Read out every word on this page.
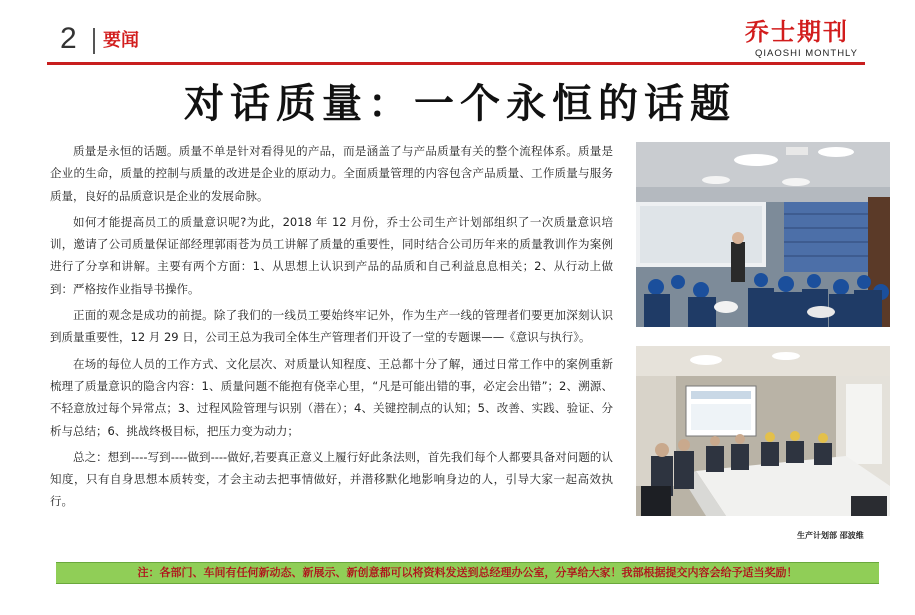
2 要闻	乔士期刊
QIAOSHI MONTHLY
对话质量：一个永恒的话题

质量是永恒的话题。质量不单是针对看得见的产品，而是涵盖了与产品质量有关的整个流程体系。质量是企业的生命，质量的控制与质量的改进是企业的原动力。全面质量管理的内容包含产品质量、工作质量与服务质量，良好的品质意识是企业的发展命脉。

如何才能提高员工的质量意识呢?为此，2018 年 12 月份，乔士公司生产计划部组织了一次质量意识培训，邀请了公司质量保证部经理郭雨苍为员工讲解了质量的重要性，同时结合公司历年来的质量教训作为案例进行了分享和讲解。主要有两个方面：1、从思想上认识到产品的品质和自己利益息息相关；2、从行动上做到：严格按作业指导书操作。

正面的观念是成功的前提。除了我们的一线员工要始终牢记外，作为生产一线的管理者们要更加深刻认识到质量重要性，12 月 29 日，公司王总为我司全体生产管理者们开设了一堂的专题课——《意识与执行》。

在场的每位人员的工作方式、文化层次、对质量认知程度、王总都十分了解，通过日常工作中的案例重新梳理了质量意识的隐含内容：1、质量问题不能抱有侥幸心里，“凡是可能出错的事，必定会出错”；2、溯源、不轻意放过每个异常点；3、过程风险管理与识别（潜在）；4、关键控制点的认知；5、改善、实践、验证、分析与总结；6、挑战终极目标，把压力变为动力；

总之：想到----写到----做到----做好,若要真正意义上履行好此条法则，首先我们每个人都要具备对问题的认知度，只有自身思想本质转变，才会主动去把事情做好，并潜移默化地影响身边的人，引导大家一起高效执行。

生产计划部 邵波维
注：各部门、车间有任何新动态、新展示、新创意都可以将资料发送到总经理办公室，分享给大家！我部根据提交内容会给予适当奖励！
